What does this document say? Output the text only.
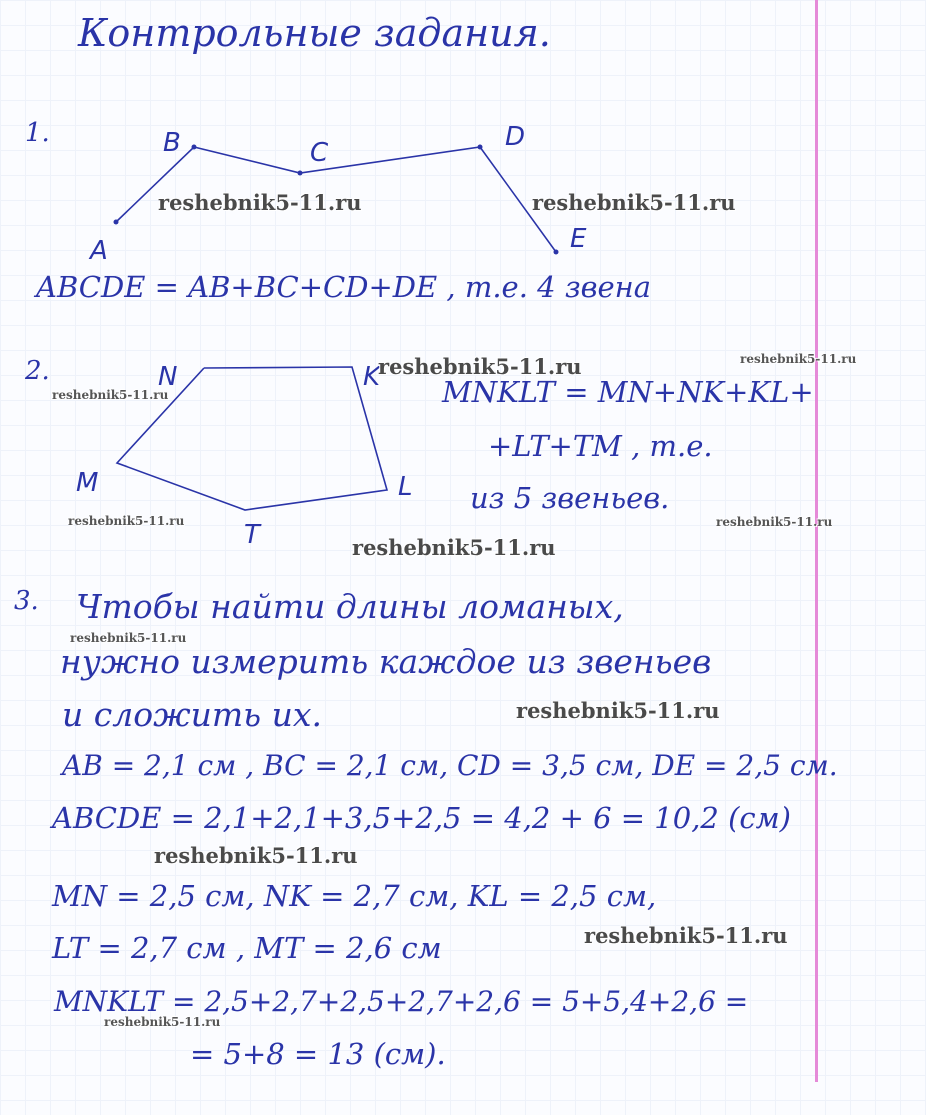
Контрольные задания.
1.
A
B	C
D
E
ABCDE = AB+BC+CD+DE , т.е. 4 звена
2.	N	K
L
T
M
MNKLT = MN+NK+KL+
+LT+TM , т.е.
из 5 звеньев.
3. Чтобы найти длины ломаных,
нужно измерить каждое из звеньев
и сложить их.
AB = 2,1 см , BC = 2,1 см, CD = 3,5 см, DE = 2,5 см.
ABCDE = 2,1+2,1+3,5+2,5 = 4,2 + 6 = 10,2 (см)
MN = 2,5 см, NK = 2,7 см, KL = 2,5 см,
LT = 2,7 см , MT = 2,6 см
MNKLT = 2,5+2,7+2,5+2,7+2,6 = 5+5,4+2,6 =
= 5+8 = 13 (см).
reshebnik5-11.ru	reshebnik5-11.ru
reshebnik5-11.ru	reshebnik5-11.ru
reshebnik5-11.ru
reshebnik5-11.ru	reshebnik5-11.ru
reshebnik5-11.ru
reshebnik5-11.ru
reshebnik5-11.ru
reshebnik5-11.ru
reshebnik5-11.ru
reshebnik5-11.ru
